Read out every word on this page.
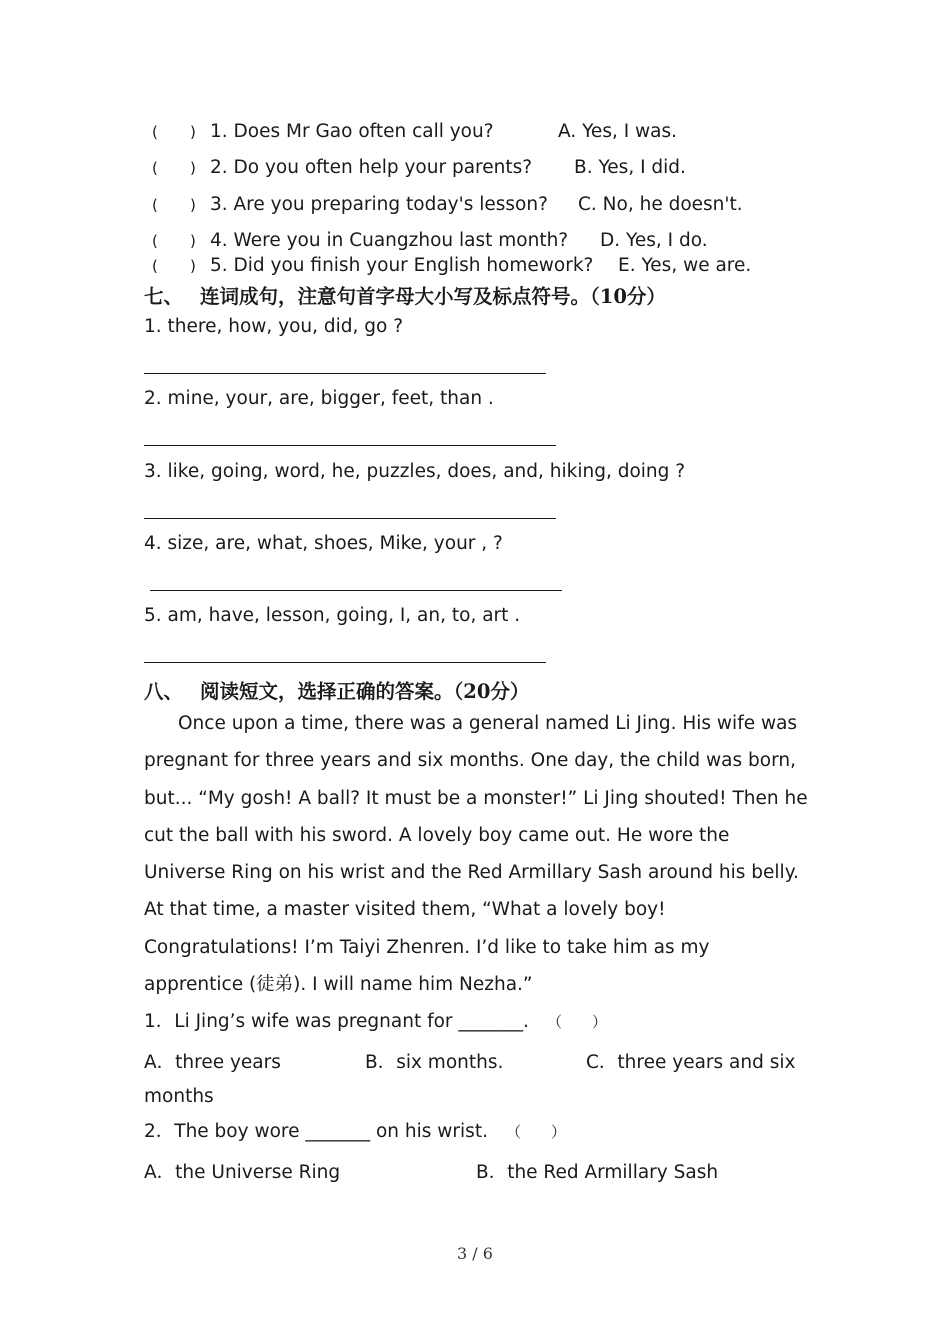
( ) 1. Does Mr Gao often call you?	A. Yes, I was.
( ) 2. Do you often help your parents? B. Yes, I did.
( ) 3. Are you preparing today's lesson? C. No, he doesn't.
( ) 4. Were you in Cuangzhou last month? D. Yes, I do.
( ) 5. Did you finish your English homework? E. Yes, we are.
七、 连词成句，注意句首字母大小写及标点符号。（10分）
1. there, how, you, did, go ?
2. mine, your, are, bigger, feet, than .
3. like, going, word, he, puzzles, does, and, hiking, doing ?
4. size, are, what, shoes, Mike, your , ?
5. am, have, lesson, going, I, an, to, art .
八、 阅读短文，选择正确的答案。（20分）

Once upon a time, there was a general named Li Jing. His wife was pregnant for three years and six months. One day, the child was born, but... “My gosh! A ball? It must be a monster!” Li Jing shouted! Then he cut the ball with his sword. A lovely boy came out. He wore the Universe Ring on his wrist and the Red Armillary Sash around his belly. At that time, a master visited them, “What a lovely boy! Congratulations! I’m Taiyi Zhenren. I’d like to take him as my apprentice (徒弟). I will name him Nezha.”

1．Li Jing’s wife was pregnant for _______. （　　）
A．three years	B．six months.	C．three years and six
months
2．The boy wore _______ on his wrist. （　　）
A．the Universe Ring	B．the Red Armillary Sash
3 / 6
